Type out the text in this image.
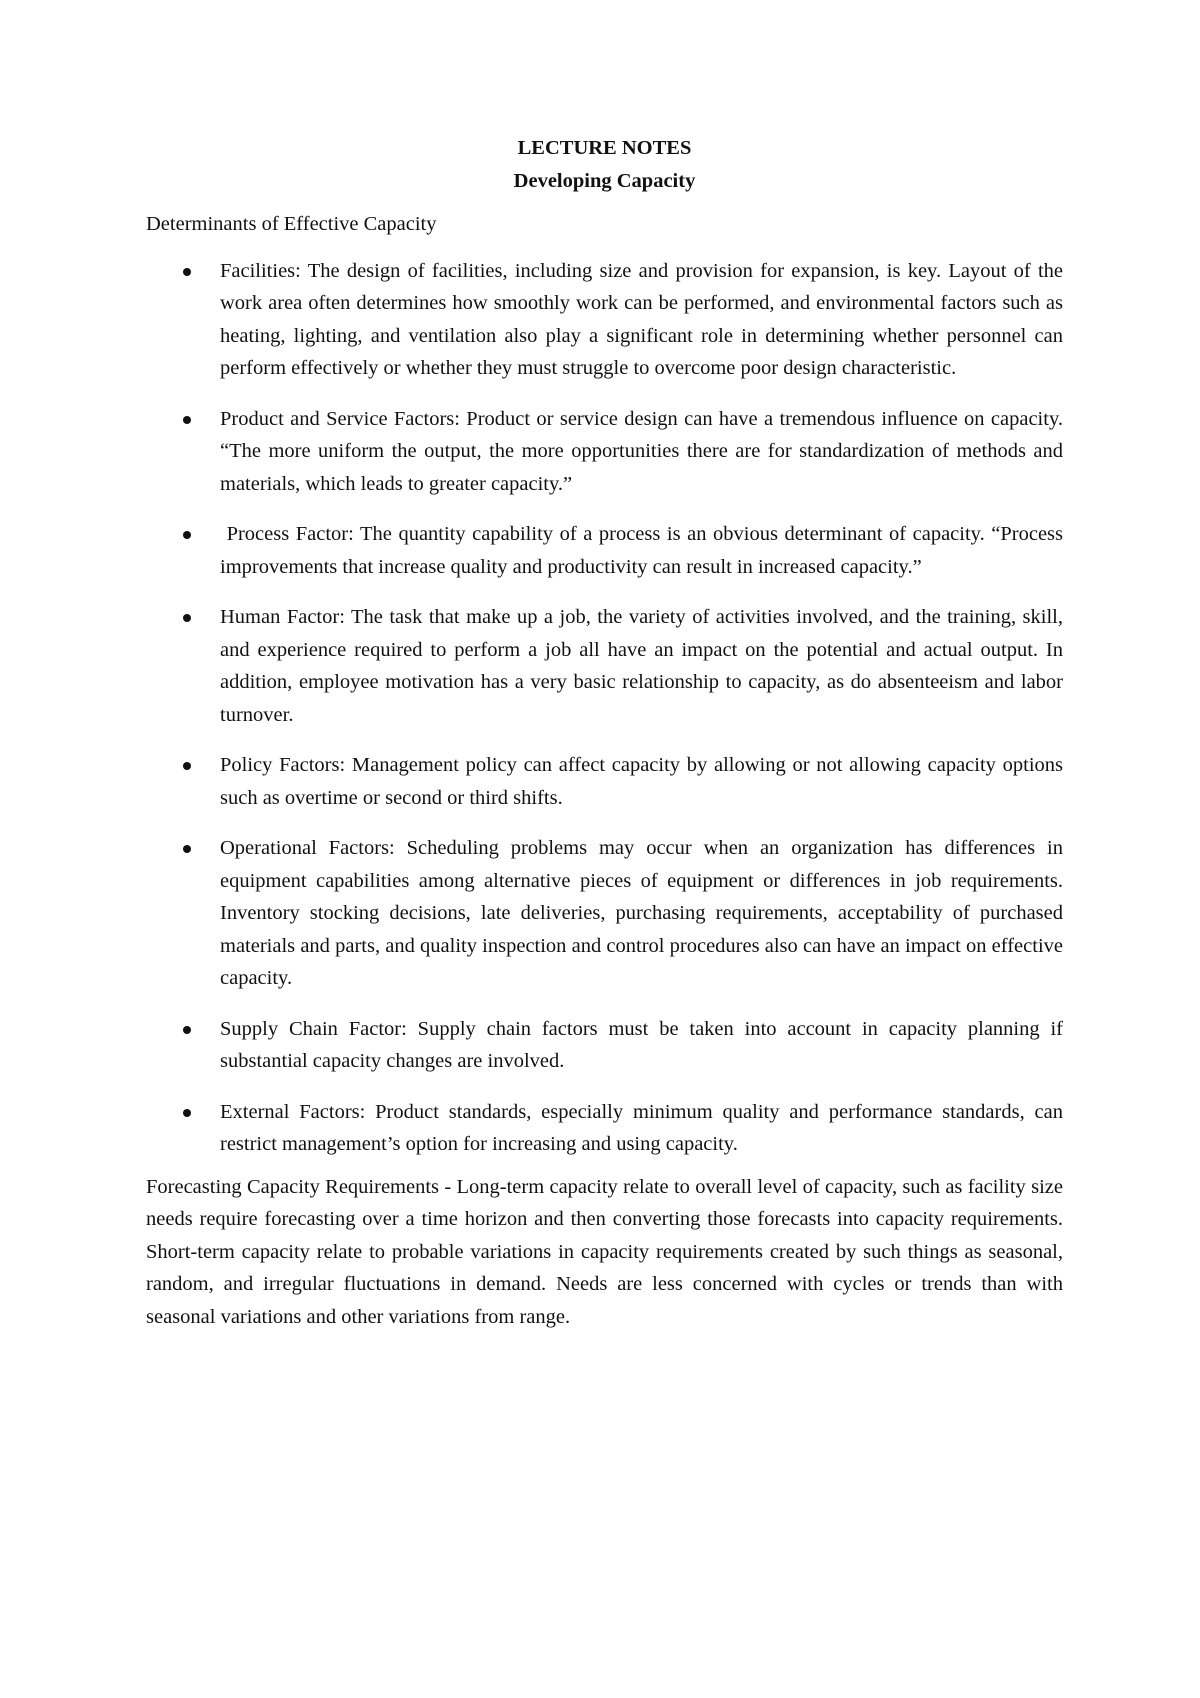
LECTURE NOTES
Developing Capacity

Determinants of Effective Capacity

Facilities: The design of facilities, including size and provision for expansion, is key. Layout of the work area often determines how smoothly work can be performed, and environmental factors such as heating, lighting, and ventilation also play a significant role in determining whether personnel can perform effectively or whether they must struggle to overcome poor design characteristic.
Product and Service Factors: Product or service design can have a tremendous influence on capacity. “The more uniform the output, the more opportunities there are for standardization of methods and materials, which leads to greater capacity.”
Process Factor: The quantity capability of a process is an obvious determinant of capacity. “Process improvements that increase quality and productivity can result in increased capacity.”
Human Factor: The task that make up a job, the variety of activities involved, and the training, skill, and experience required to perform a job all have an impact on the potential and actual output. In addition, employee motivation has a very basic relationship to capacity, as do absenteeism and labor turnover.
Policy Factors: Management policy can affect capacity by allowing or not allowing capacity options such as overtime or second or third shifts.
Operational Factors: Scheduling problems may occur when an organization has differences in equipment capabilities among alternative pieces of equipment or differences in job requirements. Inventory stocking decisions, late deliveries, purchasing requirements, acceptability of purchased materials and parts, and quality inspection and control procedures also can have an impact on effective capacity.
Supply Chain Factor: Supply chain factors must be taken into account in capacity planning if substantial capacity changes are involved.
External Factors: Product standards, especially minimum quality and performance standards, can restrict management’s option for increasing and using capacity.

Forecasting Capacity Requirements - Long-term capacity relate to overall level of capacity, such as facility size needs require forecasting over a time horizon and then converting those forecasts into capacity requirements. Short-term capacity relate to probable variations in capacity requirements created by such things as seasonal, random, and irregular fluctuations in demand. Needs are less concerned with cycles or trends than with seasonal variations and other variations from range.
